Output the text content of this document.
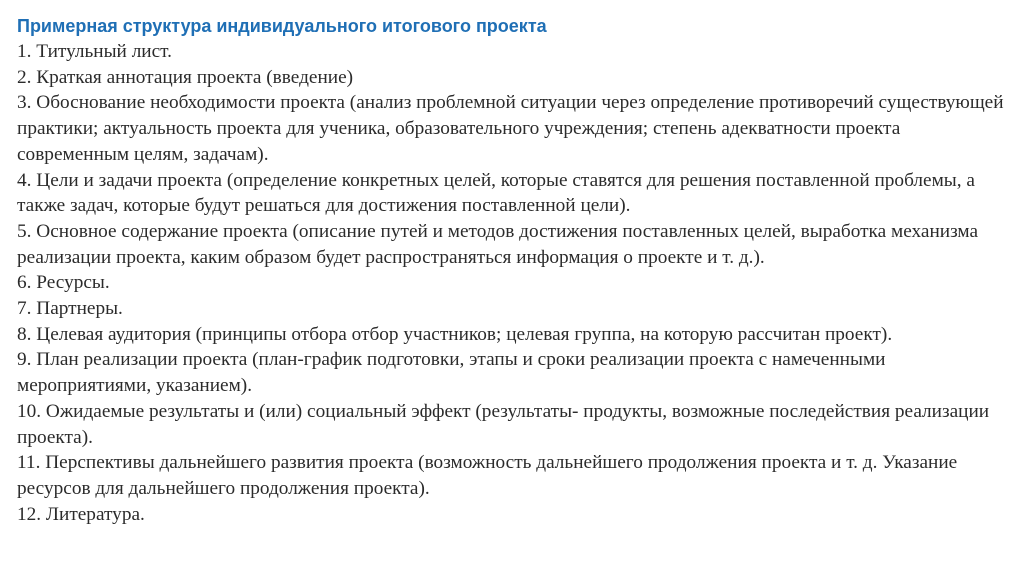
Примерная структура индивидуального итогового проекта

1. Титульный лист.

2. Краткая аннотация проекта (введение)

3. Обоснование необходимости проекта (анализ проблемной ситуации через определение противоречий существующей практики; актуальность проекта для ученика, образовательного учреждения; степень адекватности проекта современным целям, задачам).

4. Цели и задачи проекта (определение конкретных целей, которые ставятся для решения поставленной проблемы, а также задач, которые будут решаться для достижения поставленной цели).

5. Основное содержание проекта (описание путей и методов достижения поставленных целей, выработка механизма реализации проекта, каким образом будет распространяться информация о проекте и т. д.).

6. Ресурсы.

7. Партнеры.

8. Целевая аудитория (принципы отбора отбор участников; целевая группа, на которую рассчитан проект).

9. План реализации проекта (план-график подготовки, этапы и сроки реализации проекта с намеченными мероприятиями, указанием).

10. Ожидаемые результаты и (или) социальный эффект (результаты- продукты, возможные последействия реализации проекта).

11. Перспективы дальнейшего развития проекта (возможность дальнейшего продолжения проекта и т. д. Указание ресурсов для дальнейшего продолжения проекта).

12. Литература.
